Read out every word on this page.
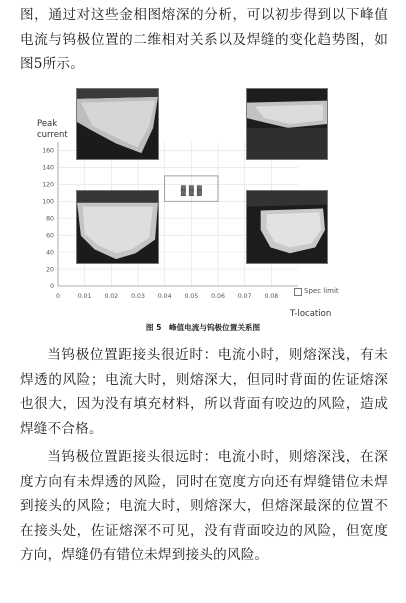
图，通过对这些金相图熔深的分析，可以初步得到以下峰值电流与钨极位置的二维相对关系以及焊缝的变化趋势图，如图5所示。
0
20
40
60
80
100
120
140
160
0	0.01 0.02 0.03 0.04 0.05 0.06 0.07 0.08
Peak
current
T-location
Spec limit
图 5　峰值电流与钨极位置关系图
当钨极位置距接头很近时：电流小时，则熔深浅，有未焊透的风险；电流大时，则熔深大，但同时背面的佐证熔深也很大，因为没有填充材料，所以背面有咬边的风险，造成焊缝不合格。
当钨极位置距接头很远时：电流小时，则熔深浅，在深度方向有未焊透的风险，同时在宽度方向还有焊缝错位未焊到接头的风险；电流大时，则熔深大，但熔深最深的位置不在接头处，佐证熔深不可见，没有背面咬边的风险，但宽度方向，焊缝仍有错位未焊到接头的风险。
